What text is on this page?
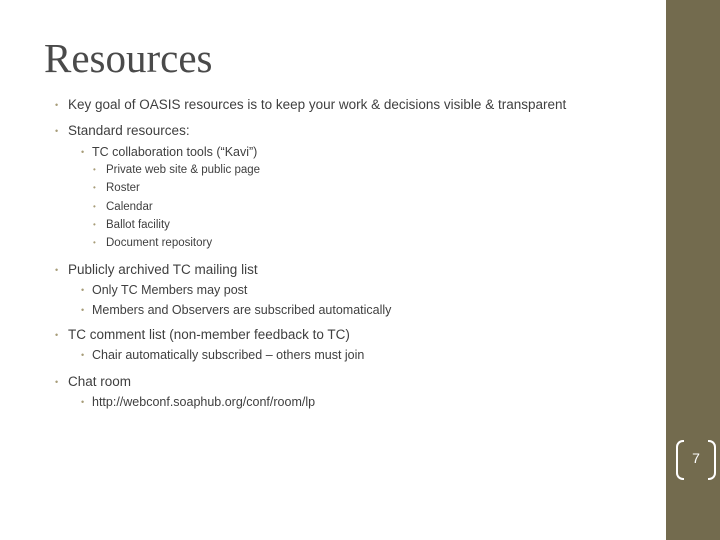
Resources
• Key goal of OASIS resources is to keep your work & decisions visible & transparent
• Standard resources:
• TC collaboration tools (“Kavi”)
• Private web site & public page
• Roster
• Calendar
• Ballot facility
• Document repository
• Publicly archived TC mailing list
• Only TC Members may post
• Members and Observers are subscribed automatically
• TC comment list (non-member feedback to TC)
• Chair automatically subscribed – others must join
• Chat room
• http://webconf.soaphub.org/conf/room/lp
7
